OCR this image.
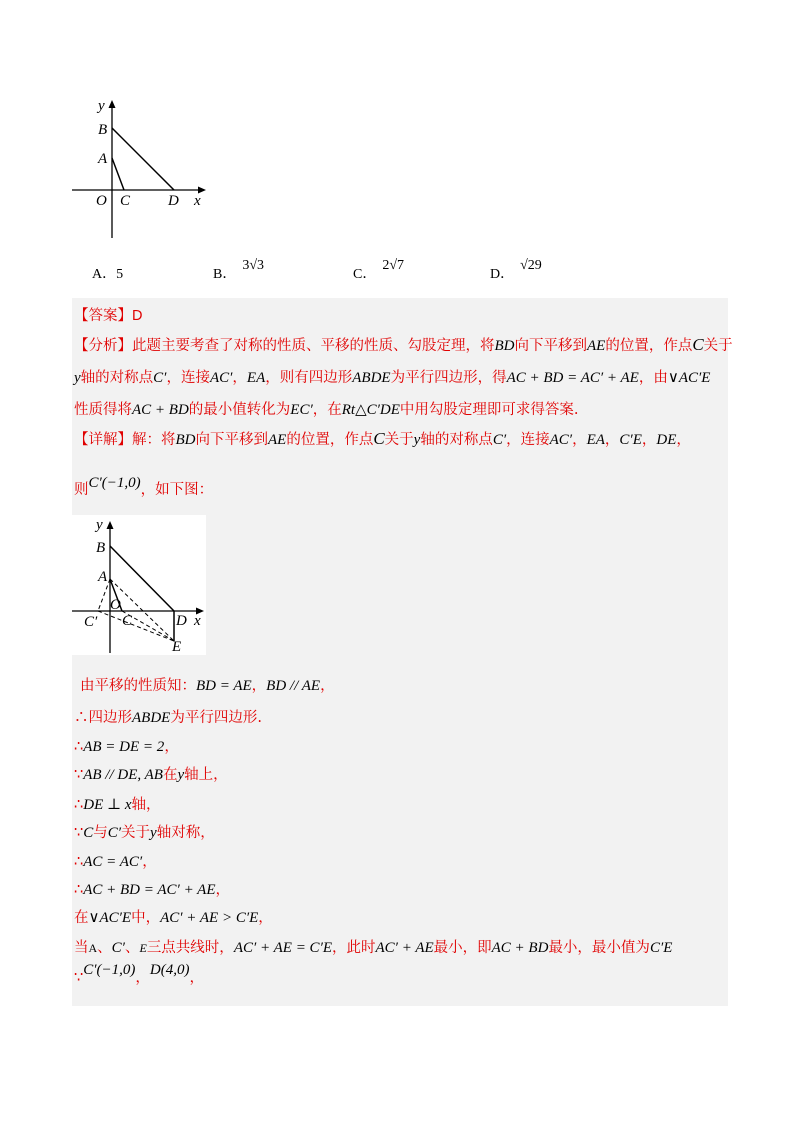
y
B
A
O C	D x
A．5	B．3√3
C．2√7
D．√29
【答案】D
【分析】此题主要考查了对称的性质、平移的性质、勾股定理，将BD向下平移到AE的位置，作点C关于
y轴的对称点C′，连接AC′，EA，则有四边形ABDE为平行四边形，得AC + BD = AC′ + AE，由∨AC′E
性质得将AC + BD的最小值转化为EC′，在Rt△C′DE中用勾股定理即可求得答案.
【详解】解：将BD向下平移到AE的位置，作点C关于y轴的对称点C′，连接AC′，EA，C′E，DE，
则C′(−1,0)，如下图：
y
B
A
O
C′ C	D x
E
由平移的性质知：BD = AE，BD // AE，
∴四边形ABDE为平行四边形.
∴AB = DE = 2，
∵AB // DE, AB在y轴上，
∴DE ⊥ x轴，
∵C与C′关于y轴对称，
∴AC = AC′，
∴AC + BD = AC′ + AE，
在∨AC′E中，AC′ + AE > C′E，
当A、C′、E三点共线时，AC′ + AE = C′E，此时AC′ + AE最小，即AC + BD最小，最小值为C′E
∵C′(−1,0)，D(4,0)，
